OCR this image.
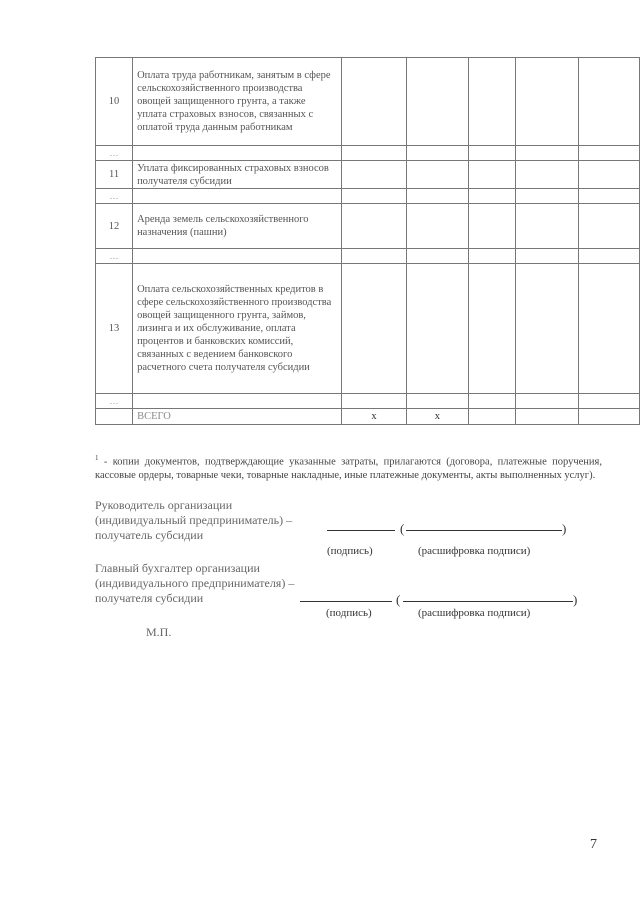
10	Оплата труда работникам, занятым в сфере сельскохозяйственного производства овощей защищенного грунта, а также уплата страховых взносов, связанных с оплатой труда данным работникам					
…						
11	Уплата фиксированных страховых взносов получателя субсидии					
…						
12	Аренда земель сельскохозяйственного назначения (пашни)					
…						
13	Оплата сельскохозяйственных кредитов в сфере сельскохозяйственного производства овощей защищенного грунта, займов, лизинга и их обслуживание, оплата процентов и банковских комиссий, связанных с ведением банковского расчетного счета получателя субсидии					
…						
	ВСЕГО	х	х			
$^1$ - копии документов, подтверждающие указанные затраты, прилагаются (договора, платежные поручения, кассовые ордеры, товарные чеки, товарные накладные, иные платежные документы, акты выполненных услуг).
Руководитель организации
(индивидуальный предприниматель) –
получатель субсидии	(	)
(подпись)	(расшифровка подписи)
Главный бухгалтер организации
(индивидуального предпринимателя) –
получателя субсидии	(	)
(подпись)	(расшифровка подписи)
М.П.
7
